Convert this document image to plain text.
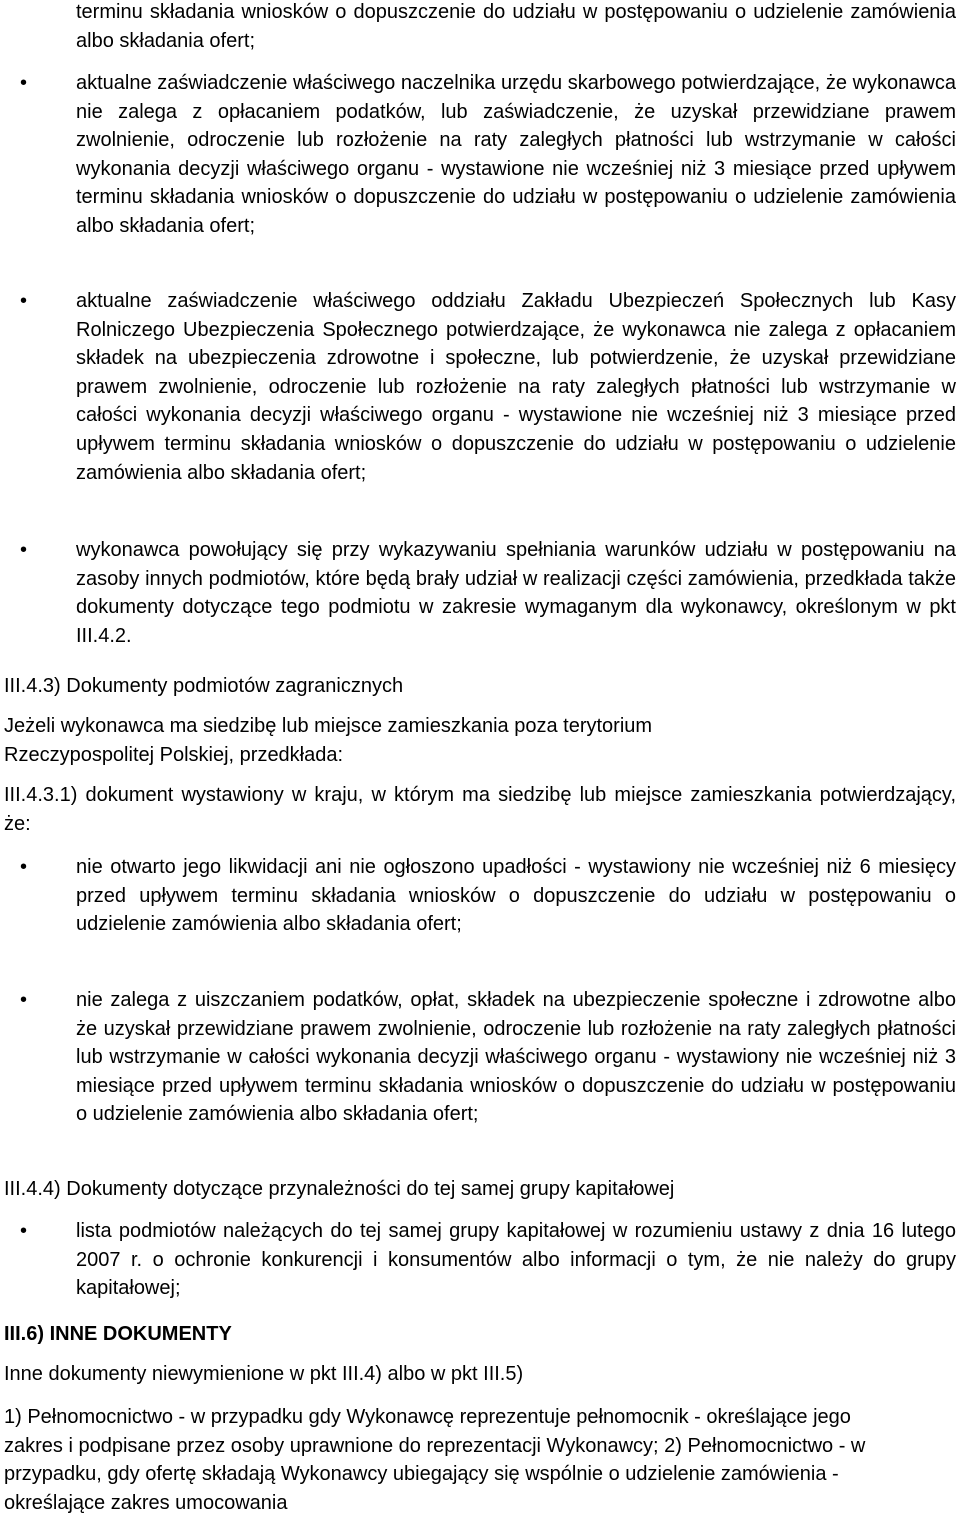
terminu składania wniosków o dopuszczenie do udziału w postępowaniu o udzielenie zamówienia albo składania ofert;

• aktualne zaświadczenie właściwego naczelnika urzędu skarbowego potwierdzające, że wykonawca nie zalega z opłacaniem podatków, lub zaświadczenie, że uzyskał przewidziane prawem zwolnienie, odroczenie lub rozłożenie na raty zaległych płatności lub wstrzymanie w całości wykonania decyzji właściwego organu - wystawione nie wcześniej niż 3 miesiące przed upływem terminu składania wniosków o dopuszczenie do udziału w postępowaniu o udzielenie zamówienia albo składania ofert;
• aktualne zaświadczenie właściwego oddziału Zakładu Ubezpieczeń Społecznych lub Kasy Rolniczego Ubezpieczenia Społecznego potwierdzające, że wykonawca nie zalega z opłacaniem składek na ubezpieczenia zdrowotne i społeczne, lub potwierdzenie, że uzyskał przewidziane prawem zwolnienie, odroczenie lub rozłożenie na raty zaległych płatności lub wstrzymanie w całości wykonania decyzji właściwego organu - wystawione nie wcześniej niż 3 miesiące przed upływem terminu składania wniosków o dopuszczenie do udziału w postępowaniu o udzielenie zamówienia albo składania ofert;
• wykonawca powołujący się przy wykazywaniu spełniania warunków udziału w postępowaniu na zasoby innych podmiotów, które będą brały udział w realizacji części zamówienia, przedkłada także dokumenty dotyczące tego podmiotu w zakresie wymaganym dla wykonawcy, określonym w pkt III.4.2.

III.4.3) Dokumenty podmiotów zagranicznych

Jeżeli wykonawca ma siedzibę lub miejsce zamieszkania poza terytorium Rzeczypospolitej Polskiej, przedkłada:

III.4.3.1) dokument wystawiony w kraju, w którym ma siedzibę lub miejsce zamieszkania potwierdzający, że:

• nie otwarto jego likwidacji ani nie ogłoszono upadłości - wystawiony nie wcześniej niż 6 miesięcy przed upływem terminu składania wniosków o dopuszczenie do udziału w postępowaniu o udzielenie zamówienia albo składania ofert;
• nie zalega z uiszczaniem podatków, opłat, składek na ubezpieczenie społeczne i zdrowotne albo że uzyskał przewidziane prawem zwolnienie, odroczenie lub rozłożenie na raty zaległych płatności lub wstrzymanie w całości wykonania decyzji właściwego organu - wystawiony nie wcześniej niż 3 miesiące przed upływem terminu składania wniosków o dopuszczenie do udziału w postępowaniu o udzielenie zamówienia albo składania ofert;

III.4.4) Dokumenty dotyczące przynależności do tej samej grupy kapitałowej

• lista podmiotów należących do tej samej grupy kapitałowej w rozumieniu ustawy z dnia 16 lutego 2007 r. o ochronie konkurencji i konsumentów albo informacji o tym, że nie należy do grupy kapitałowej;

III.6) INNE DOKUMENTY

Inne dokumenty niewymienione w pkt III.4) albo w pkt III.5)

1) Pełnomocnictwo - w przypadku gdy Wykonawcę reprezentuje pełnomocnik - określające jego zakres i podpisane przez osoby uprawnione do reprezentacji Wykonawcy; 2) Pełnomocnictwo - w przypadku, gdy ofertę składają Wykonawcy ubiegający się wspólnie o udzielenie zamówienia - określające zakres umocowania
